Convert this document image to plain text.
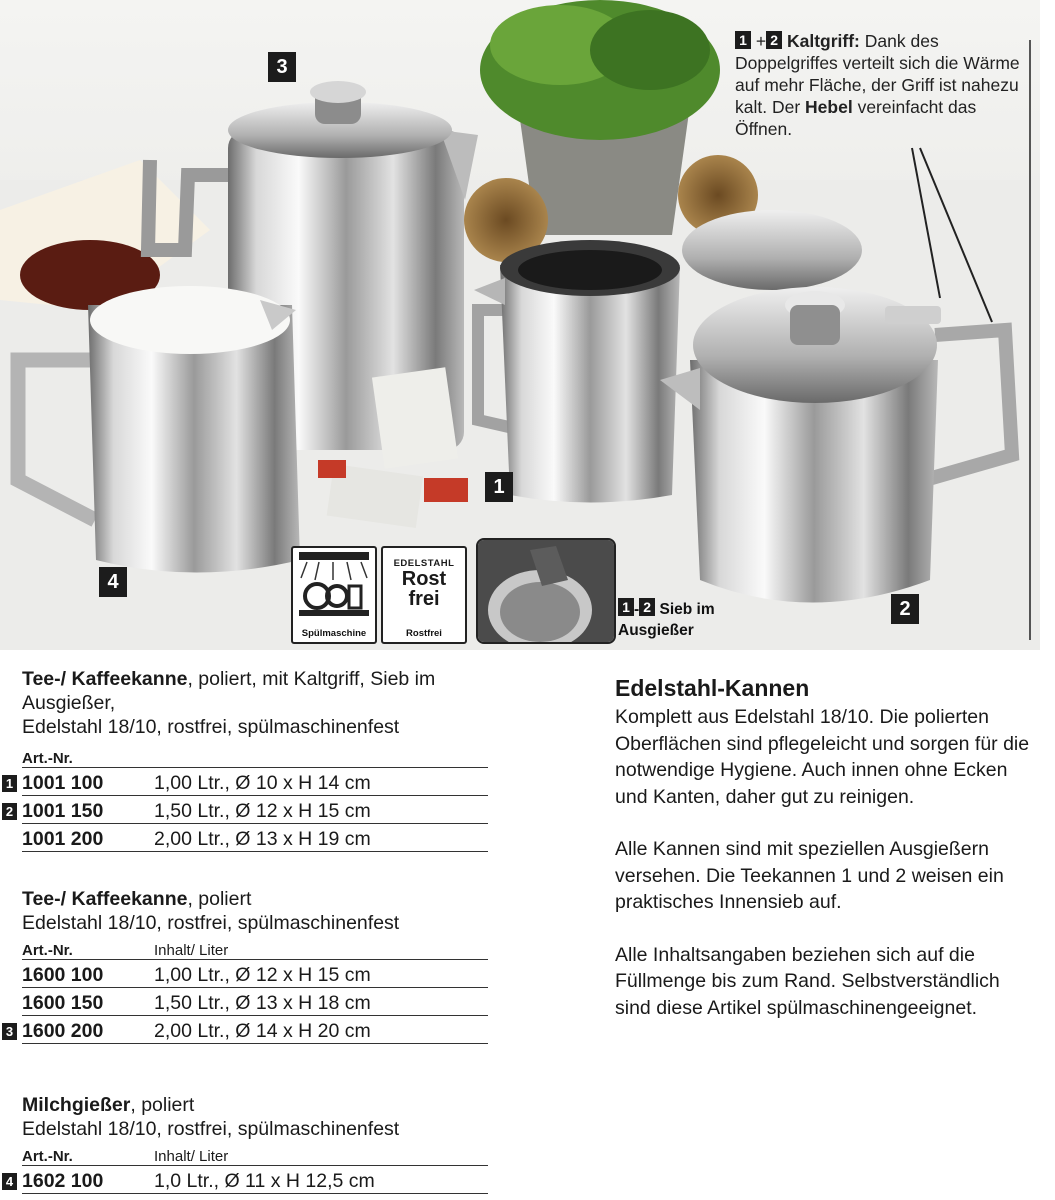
3
1
4
2
1 + 2 Kaltgriff: Dank des Doppelgriffes verteilt sich die Wärme auf mehr Fläche, der Griff ist nahezu kalt. Der Hebel vereinfacht das Öffnen.
Spülmaschine
EDELSTAHL
Rost
frei
Rostfrei
1 - 2 Sieb im
Ausgießer

Tee-/ Kaffeekanne, poliert, mit Kaltgriff, Sieb im Ausgießer,

Edelstahl 18/10, rostfrei, spülmaschinenfest

Art.-Nr.	

1 1001 100	1,00 Ltr., Ø 10 x H 14 cm

2 1001 150	1,50 Ltr., Ø 12 x H 15 cm
1001 200	2,00 Ltr., Ø 13 x H 19 cm

Tee-/ Kaffeekanne, poliert

Edelstahl 18/10, rostfrei, spülmaschinenfest

Art.-Nr.	Inhalt/ Liter
1600 100	1,00 Ltr., Ø 12 x H 15 cm
1600 150	1,50 Ltr., Ø 13 x H 18 cm

3 1600 200	2,00 Ltr., Ø 14 x H 20 cm

Milchgießer, poliert

Edelstahl 18/10, rostfrei, spülmaschinenfest

Art.-Nr.	Inhalt/ Liter

4 1602 100	1,0 Ltr., Ø 11 x H 12,5 cm
Edelstahl-Kannen

Komplett aus Edelstahl 18/10. Die polierten Oberflächen sind pflegeleicht und sorgen für die notwendige Hygiene. Auch innen ohne Ecken und Kanten, daher gut zu reinigen.

Alle Kannen sind mit speziellen Ausgießern versehen. Die Teekannen 1 und 2 weisen ein praktisches Innensieb auf.

Alle Inhaltsangaben beziehen sich auf die Füllmenge bis zum Rand. Selbstverständlich sind diese Artikel spülmaschinengeeignet.
